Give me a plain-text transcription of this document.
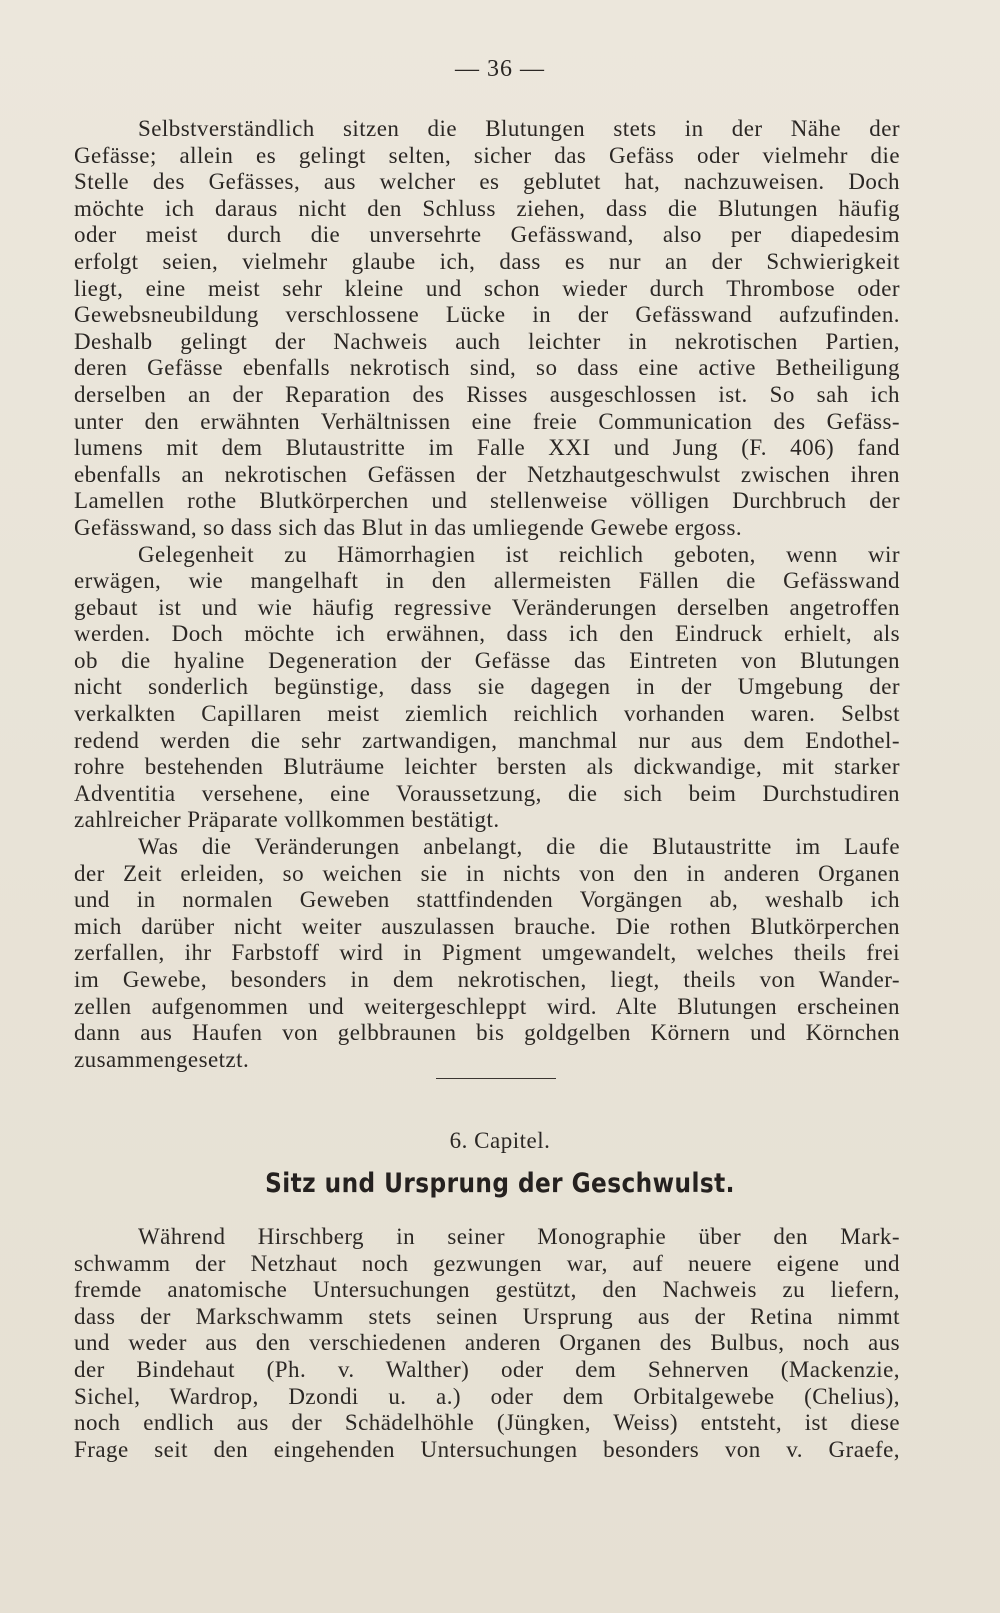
— 36 —
Selbstverständlich sitzen die Blutungen stets in der Nähe der
Gefässe; allein es gelingt selten, sicher das Gefäss oder vielmehr die
Stelle des Gefässes, aus welcher es geblutet hat, nachzuweisen. Doch
möchte ich daraus nicht den Schluss ziehen, dass die Blutungen häufig
oder meist durch die unversehrte Gefässwand, also per diapedesim
erfolgt seien, vielmehr glaube ich, dass es nur an der Schwierigkeit
liegt, eine meist sehr kleine und schon wieder durch Thrombose oder
Gewebsneubildung verschlossene Lücke in der Gefässwand aufzufinden.
Deshalb gelingt der Nachweis auch leichter in nekrotischen Partien,
deren Gefässe ebenfalls nekrotisch sind, so dass eine active Betheiligung
derselben an der Reparation des Risses ausgeschlossen ist. So sah ich
unter den erwähnten Verhältnissen eine freie Communication des Gefäss-
lumens mit dem Blutaustritte im Falle XXI und Jung (F. 406) fand
ebenfalls an nekrotischen Gefässen der Netzhautgeschwulst zwischen ihren
Lamellen rothe Blutkörperchen und stellenweise völligen Durchbruch der
Gefässwand, so dass sich das Blut in das umliegende Gewebe ergoss.
Gelegenheit zu Hämorrhagien ist reichlich geboten, wenn wir
erwägen, wie mangelhaft in den allermeisten Fällen die Gefässwand
gebaut ist und wie häufig regressive Veränderungen derselben angetroffen
werden. Doch möchte ich erwähnen, dass ich den Eindruck erhielt, als
ob die hyaline Degeneration der Gefässe das Eintreten von Blutungen
nicht sonderlich begünstige, dass sie dagegen in der Umgebung der
verkalkten Capillaren meist ziemlich reichlich vorhanden waren. Selbst
redend werden die sehr zartwandigen, manchmal nur aus dem Endothel-
rohre bestehenden Bluträume leichter bersten als dickwandige, mit starker
Adventitia versehene, eine Voraussetzung, die sich beim Durchstudiren
zahlreicher Präparate vollkommen bestätigt.
Was die Veränderungen anbelangt, die die Blutaustritte im Laufe
der Zeit erleiden, so weichen sie in nichts von den in anderen Organen
und in normalen Geweben stattfindenden Vorgängen ab, weshalb ich
mich darüber nicht weiter auszulassen brauche. Die rothen Blutkörperchen
zerfallen, ihr Farbstoff wird in Pigment umgewandelt, welches theils frei
im Gewebe, besonders in dem nekrotischen, liegt, theils von Wander-
zellen aufgenommen und weitergeschleppt wird. Alte Blutungen erscheinen
dann aus Haufen von gelbbraunen bis goldgelben Körnern und Körnchen
zusammengesetzt.
6. Capitel.
Sitz und Ursprung der Geschwulst.
Während Hirschberg in seiner Monographie über den Mark-
schwamm der Netzhaut noch gezwungen war, auf neuere eigene und
fremde anatomische Untersuchungen gestützt, den Nachweis zu liefern,
dass der Markschwamm stets seinen Ursprung aus der Retina nimmt
und weder aus den verschiedenen anderen Organen des Bulbus, noch aus
der Bindehaut (Ph. v. Walther) oder dem Sehnerven (Mackenzie,
Sichel, Wardrop, Dzondi u. a.) oder dem Orbitalgewebe (Chelius),
noch endlich aus der Schädelhöhle (Jüngken, Weiss) entsteht, ist diese
Frage seit den eingehenden Untersuchungen besonders von v. Graefe,
